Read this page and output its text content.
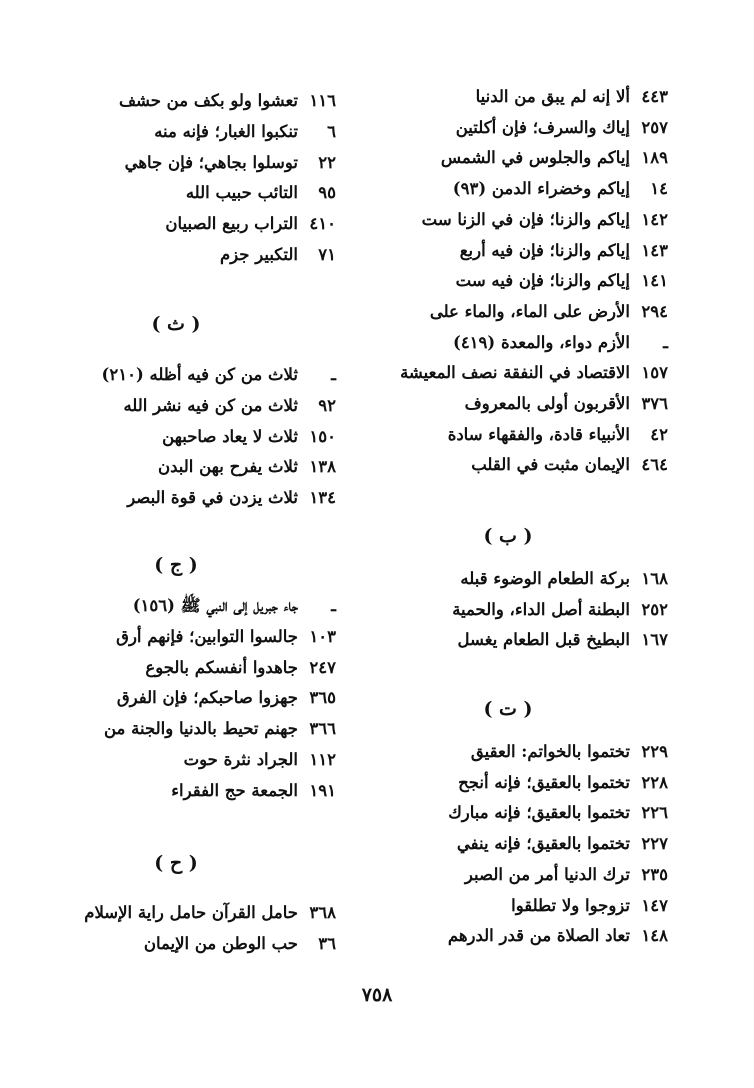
٤٤٣ألا إنه لم يبق من الدنيا
٢٥٧إياك والسرف؛ فإن أكلتين
١٨٩إياكم والجلوس في الشمس
١٤إياكم وخضراء الدمن (٩٣)
١٤٢إياكم والزنا؛ فإن في الزنا ست
١٤٣إياكم والزنا؛ فإن فيه أربع
١٤١إياكم والزنا؛ فإن فيه ست
٢٩٤الأرض على الماء، والماء على
ـالأزم دواء، والمعدة (٤١٩)
١٥٧الاقتصاد في النفقة نصف المعيشة
٣٧٦الأقربون أولى بالمعروف
٤٢الأنبياء قادة، والفقهاء سادة
٤٦٤الإيمان مثبت في القلب
( ب )
١٦٨بركة الطعام الوضوء قبله
٢٥٢البطنة أصل الداء، والحمية
١٦٧البطيخ قبل الطعام يغسل
( ت )
٢٢٩تختموا بالخواتم: العقيق
٢٢٨تختموا بالعقيق؛ فإنه أنجح
٢٢٦تختموا بالعقيق؛ فإنه مبارك
٢٢٧تختموا بالعقيق؛ فإنه ينفي
٢٣٥ترك الدنيا أمر من الصبر
١٤٧تزوجوا ولا تطلقوا
١٤٨تعاد الصلاة من قدر الدرهم
١١٦تعشوا ولو بكف من حشف
٦تنكبوا الغبار؛ فإنه منه
٢٢توسلوا بجاهي؛ فإن جاهي
٩٥التائب حبيب الله
٤١٠التراب ربيع الصبيان
٧١التكبير جزم
( ث )
ـثلاث من كن فيه أظله (٢١٠)
٩٢ثلاث من كن فيه نشر الله
١٥٠ثلاث لا يعاد صاحبهن
١٣٨ثلاث يفرح بهن البدن
١٣٤ثلاث يزدن في قوة البصر
( ج )
ـجاء جبريل إلى النبي ﷺ (١٥٦)
١٠٣جالسوا التوابين؛ فإنهم أرق
٢٤٧جاهدوا أنفسكم بالجوع
٣٦٥جهزوا صاحبكم؛ فإن الفرق
٣٦٦جهنم تحيط بالدنيا والجنة من
١١٢الجراد نثرة حوت
١٩١الجمعة حج الفقراء
( ح )
٣٦٨حامل القرآن حامل راية الإسلام
٣٦حب الوطن من الإيمان
٧٥٨
